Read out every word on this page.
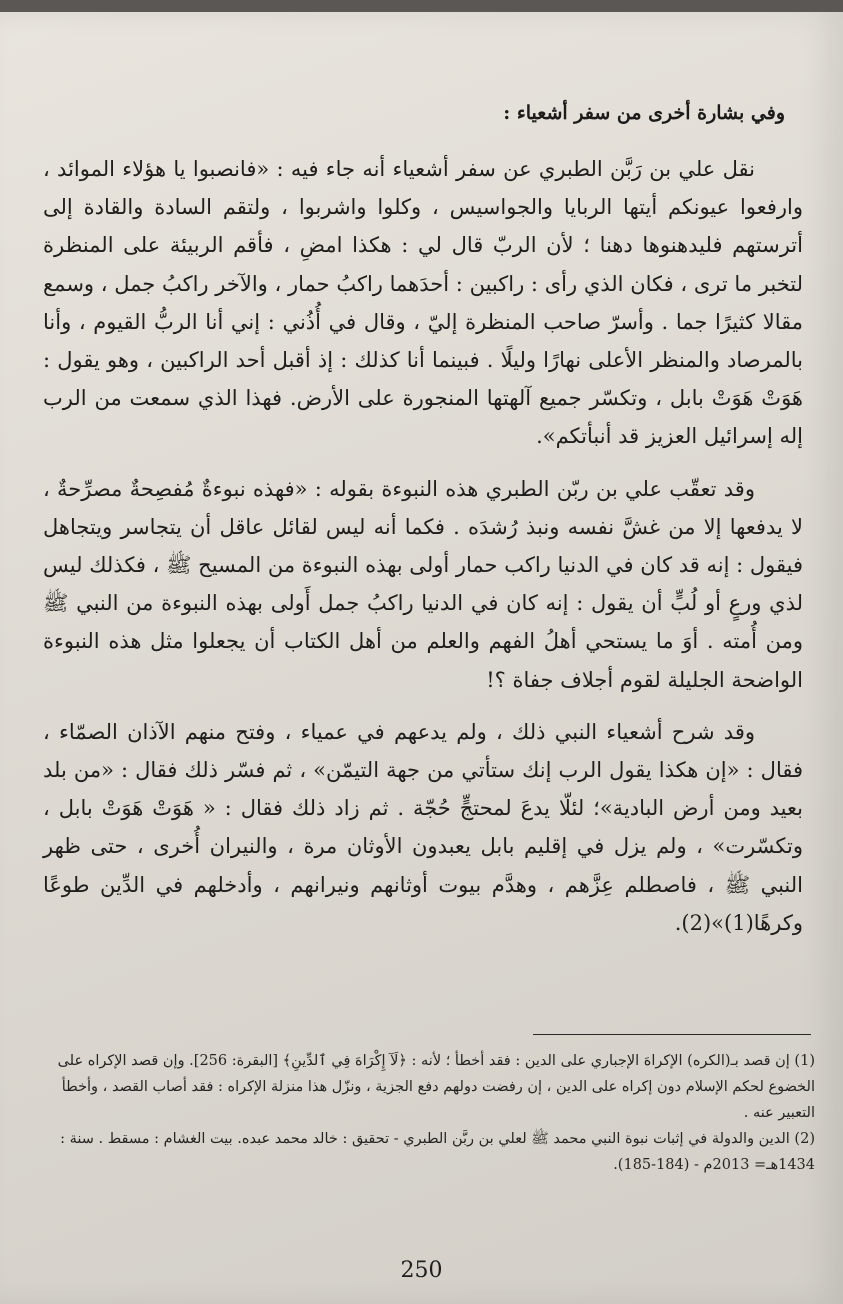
وفي بشارة أخرى من سفر أشعياء :

نقل علي بن رَبَّن الطبري عن سفر أشعياء أنه جاء فيه : «فانصبوا يا هؤلاء الموائد ، وارفعوا عيونكم أيتها الربايا والجواسيس ، وكلوا واشربوا ، ولتقم السادة والقادة إلى أترستهم فليدهنوها دهنا ؛ لأن الربّ قال لي : هكذا امضِ ، فأقم الربيئة على المنظرة لتخبر ما ترى ، فكان الذي رأى : راكبين : أحدَهما راكبُ حمار ، والآخر راكبُ جمل ، وسمع مقالا كثيرًا جما . وأسرّ صاحب المنظرة إليّ ، وقال في أُذُني : إني أنا الربُّ القيوم ، وأنا بالمرصاد والمنظر الأعلى نهارًا وليلًا . فبينما أنا كذلك : إذ أقبل أحد الراكبين ، وهو يقول : هَوَتْ هَوَتْ بابل ، وتكسّر جميع آلهتها المنجورة على الأرض. فهذا الذي سمعت من الرب إله إسرائيل العزيز قد أنبأتكم».

وقد تعقّب علي بن ربّن الطبري هذه النبوءة بقوله : «فهذه نبوءةٌ مُفصِحةٌ مصرِّحةٌ ، لا يدفعها إلا من غشَّ نفسه ونبذ رُشدَه . فكما أنه ليس لقائل عاقل أن يتجاسر ويتجاهل فيقول : إنه قد كان في الدنيا راكب حمار أولى بهذه النبوءة من المسيح ﷺ ، فكذلك ليس لذي ورعٍ أو لُبٍّ أن يقول : إنه كان في الدنيا راكبُ جمل أَولى بهذه النبوءة من النبي ﷺ ومن أُمته . أوَ ما يستحي أهلُ الفهم والعلم من أهل الكتاب أن يجعلوا مثل هذه النبوءة الواضحة الجليلة لقوم أجلاف جفاة ؟!

وقد شرح أشعياء النبي ذلك ، ولم يدعهم في عمياء ، وفتح منهم الآذان الصمّاء ، فقال : «إن هكذا يقول الرب إنك ستأتي من جهة التيمّن» ، ثم فسّر ذلك فقال : «من بلد بعيد ومن أرض البادية»؛ لئلّا يدعَ لمحتجٍّ حُجّة . ثم زاد ذلك فقال : « هَوَتْ هَوَتْ بابل ، وتكسّرت» ، ولم يزل في إقليم بابل يعبدون الأوثان مرة ، والنيران أُخرى ، حتى ظهر النبي ﷺ ، فاصطلم عِزَّهم ، وهدَّم بيوت أوثانهم ونيرانهم ، وأدخلهم في الدِّين طوعًا وكرهًا(1)»(2).

(1) إن قصد بـ(الكره) الإكراهَ الإجباري على الدين : فقد أخطأ ؛ لأنه : ﴿لَآ إِكْرَاهَ فِي ٱلدِّينِ﴾ [البقرة: 256]. وإن قصد الإكراه على الخضوع لحكم الإسلام دون إكراه على الدين ، إن رفضت دولهم دفع الجزية ، ونزّل هذا منزلة الإكراه : فقد أصاب القصد ، وأخطأ التعبير عنه .

(2) الدين والدولة في إثبات نبوة النبي محمد ﷺ لعلي بن ربَّن الطبري - تحقيق : خالد محمد عبده. بيت الغشام : مسقط . سنة : 1434هـ= 2013م - (184-185).

250
